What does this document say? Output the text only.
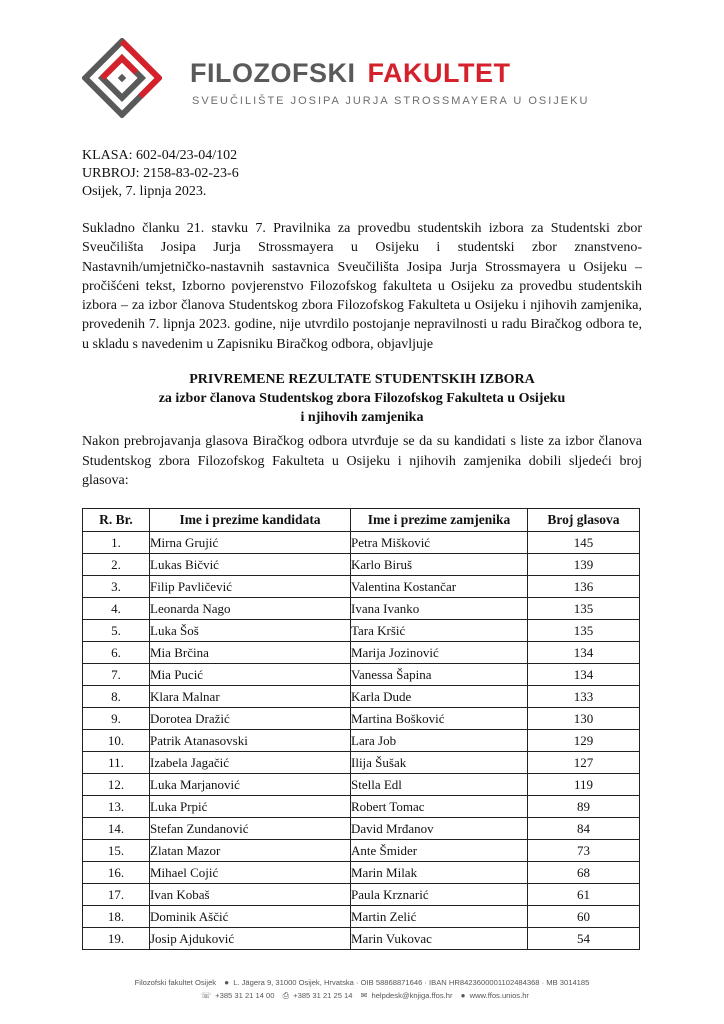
FILOZOFSKI FAKULTET
SVEUČILIŠTE JOSIPA JURJA STROSSMAYERA U OSIJEKU
KLASA: 602-04/23-04/102
URBROJ: 2158-83-02-23-6
Osijek, 7. lipnja 2023.
Sukladno članku 21. stavku 7. Pravilnika za provedbu studentskih izbora za Studentski zbor Sveučilišta Josipa Jurja Strossmayera u Osijeku i studentski zbor znanstveno-Nastavnih/umjetničko-nastavnih sastavnica Sveučilišta Josipa Jurja Strossmayera u Osijeku – pročišćeni tekst, Izborno povjerenstvo Filozofskog fakulteta u Osijeku za provedbu studentskih izbora – za izbor članova Studentskog zbora Filozofskog Fakulteta u Osijeku i njihovih zamjenika, provedenih 7. lipnja 2023. godine, nije utvrdilo postojanje nepravilnosti u radu Biračkog odbora te, u skladu s navedenim u Zapisniku Biračkog odbora, objavljuje
PRIVREMENE REZULTATE STUDENTSKIH IZBORA
za izbor članova Studentskog zbora Filozofskog Fakulteta u Osijeku
i njihovih zamjenika
Nakon prebrojavanja glasova Biračkog odbora utvrđuje se da su kandidati s liste za izbor članova Studentskog zbora Filozofskog Fakulteta u Osijeku i njihovih zamjenika dobili sljedeći broj glasova:
R. Br.	Ime i prezime kandidata	Ime i prezime zamjenika	Broj glasova
1.	Mirna Grujić	Petra Mišković	145
2.	Lukas Bičvić	Karlo Biruš	139
3.	Filip Pavličević	Valentina Kostančar	136
4.	Leonarda Nago	Ivana Ivanko	135
5.	Luka Šoš	Tara Kršić	135
6.	Mia Brčina	Marija Jozinović	134
7.	Mia Pucić	Vanessa Šapina	134
8.	Klara Malnar	Karla Dude	133
9.	Dorotea Dražić	Martina Bošković	130
10.	Patrik Atanasovski	Lara Job	129
11.	Izabela Jagačić	Ilija Šušak	127
12.	Luka Marjanović	Stella Edl	119
13.	Luka Prpić	Robert Tomac	89
14.	Stefan Zundanović	David Mrđanov	84
15.	Zlatan Mazor	Ante Šmider	73
16.	Mihael Cojić	Marin Milak	68
17.	Ivan Kobaš	Paula Krznarić	61
18.	Dominik Aščić	Martin Zelić	60
19.	Josip Ajduković	Marin Vukovac	54
Filozofski fakultet Osijek ● L. Jägera 9, 31000 Osijek, Hrvatska · OIB 58868871646 · IBAN HR8423600001102484368 · MB 3014185
☏ +385 31 21 14 00 ⎙ +385 31 21 25 14 ✉ helpdesk@knjiga.ffos.hr ● www.ffos.unios.hr
